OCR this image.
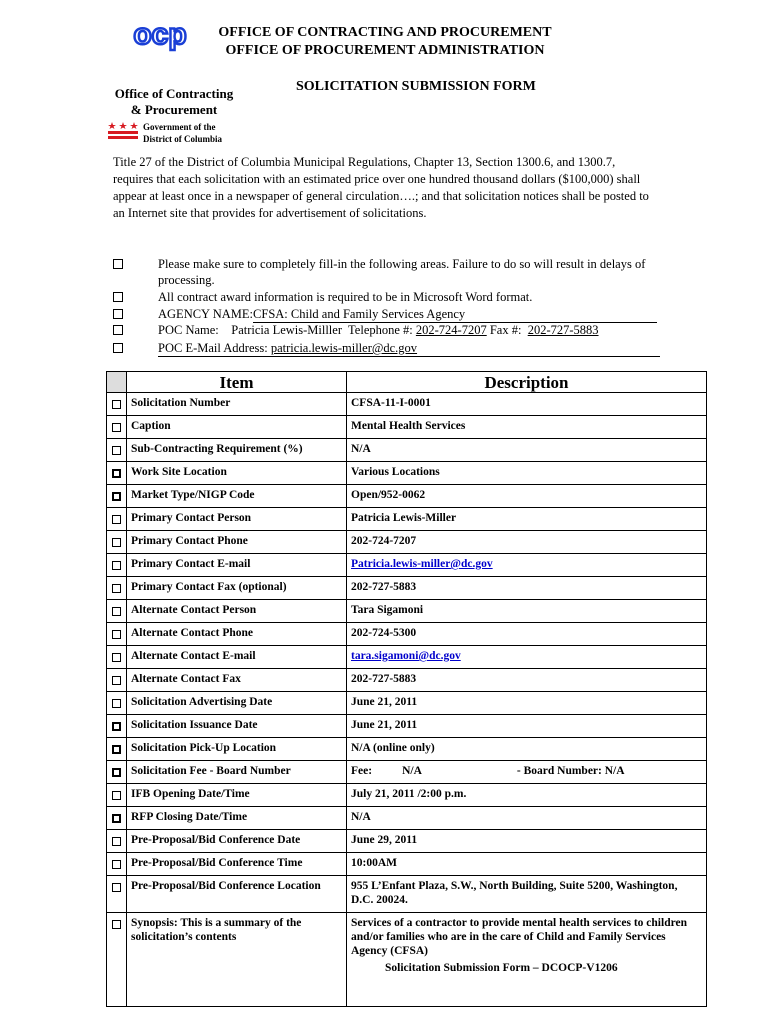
ocp	OFFICE OF CONTRACTING AND PROCUREMENT
OFFICE OF PROCUREMENT ADMINISTRATION
SOLICITATION SUBMISSION FORM
Office of Contracting
& Procurement
Government of the
District of Columbia
Title 27 of the District of Columbia Municipal Regulations, Chapter 13, Section 1300.6, and 1300.7, requires that each solicitation with an estimated price over one hundred thousand dollars ($100,000) shall appear at least once in a newspaper of general circulation….; and that solicitation notices shall be posted to an Internet site that provides for advertisement of solicitations.
Please make sure to completely fill-in the following areas. Failure to do so will result in delays of processing.
All contract award information is required to be in Microsoft Word format.
AGENCY NAME:CFSA: Child and Family Services Agency
POC Name: Patricia Lewis-Milller Telephone #: 202-724-7207 Fax #: 202-727-5883
POC E-Mail Address: patricia.lewis-miller@dc.gov
	Item	Description
	Solicitation Number	CFSA-11-I-0001
	Caption	Mental Health Services
	Sub-Contracting Requirement (%)	N/A
	Work Site Location	Various Locations
	Market Type/NIGP Code	Open/952-0062
	Primary Contact Person	Patricia Lewis-Miller
	Primary Contact Phone	202-724-7207
	Primary Contact E-mail	Patricia.lewis-miller@dc.gov
	Primary Contact Fax (optional)	202-727-5883
	Alternate Contact Person	Tara Sigamoni
	Alternate Contact Phone	202-724-5300
	Alternate Contact E-mail	tara.sigamoni@dc.gov
	Alternate Contact Fax	202-727-5883
	Solicitation Advertising Date	June 21, 2011
	Solicitation Issuance Date	June 21, 2011
	Solicitation Pick-Up Location	N/A (online only)
	Solicitation Fee - Board Number	Fee: N/A - Board Number: N/A
	IFB Opening Date/Time	July 21, 2011 /2:00 p.m.
	RFP Closing Date/Time	N/A
	Pre-Proposal/Bid Conference Date	June 29, 2011
	Pre-Proposal/Bid Conference Time	10:00AM
	Pre-Proposal/Bid Conference Location	955 L’Enfant Plaza, S.W., North Building, Suite 5200, Washington, D.C. 20024.
	Synopsis: This is a summary of the solicitation’s contents	Services of a contractor to provide mental health services to children and/or families who are in the care of Child and Family Services Agency (CFSA)
Solicitation Submission Form – DCOCP-V1206
